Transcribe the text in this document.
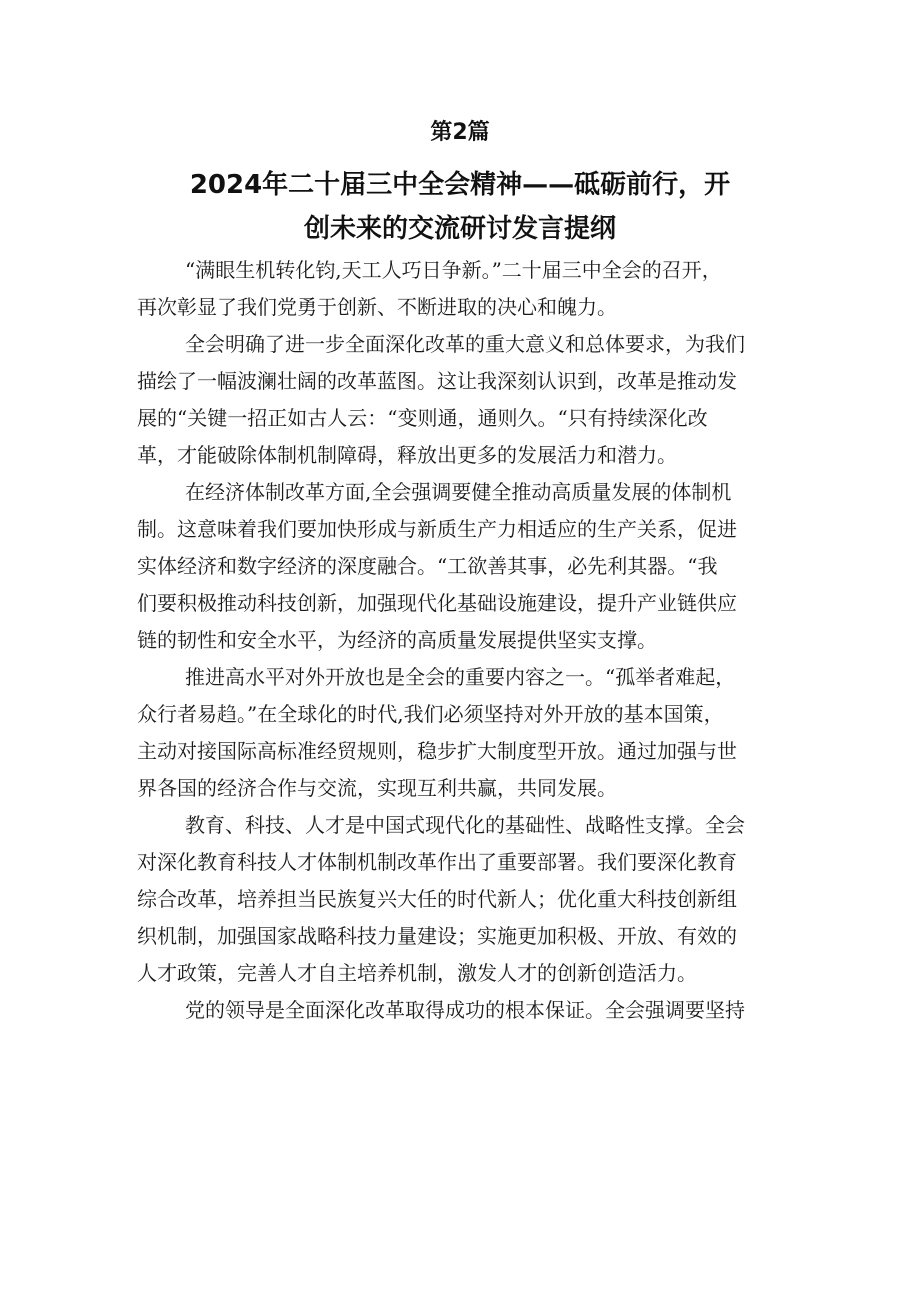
第2篇
2024年二十届三中全会精神——砥砺前行，开
创未来的交流研讨发言提纲
“满眼生机转化钧,天工人巧日争新。”二十届三中全会的召开，
再次彰显了我们党勇于创新、不断进取的决心和魄力。
全会明确了进一步全面深化改革的重大意义和总体要求，为我们
描绘了一幅波澜壮阔的改革蓝图。这让我深刻认识到，改革是推动发
展的“关键一招正如古人云：“变则通，通则久。“只有持续深化改
革，才能破除体制机制障碍，释放出更多的发展活力和潜力。
在经济体制改革方面,全会强调要健全推动高质量发展的体制机
制。这意味着我们要加快形成与新质生产力相适应的生产关系，促进
实体经济和数字经济的深度融合。“工欲善其事，必先利其器。“我
们要积极推动科技创新，加强现代化基础设施建设，提升产业链供应
链的韧性和安全水平，为经济的高质量发展提供坚实支撑。
推进高水平对外开放也是全会的重要内容之一。“孤举者难起，
众行者易趋。”在全球化的时代,我们必须坚持对外开放的基本国策，
主动对接国际高标准经贸规则，稳步扩大制度型开放。通过加强与世
界各国的经济合作与交流，实现互利共赢，共同发展。
教育、科技、人才是中国式现代化的基础性、战略性支撑。全会
对深化教育科技人才体制机制改革作出了重要部署。我们要深化教育
综合改革，培养担当民族复兴大任的时代新人；优化重大科技创新组
织机制，加强国家战略科技力量建设；实施更加积极、开放、有效的
人才政策，完善人才自主培养机制，激发人才的创新创造活力。
党的领导是全面深化改革取得成功的根本保证。全会强调要坚持
